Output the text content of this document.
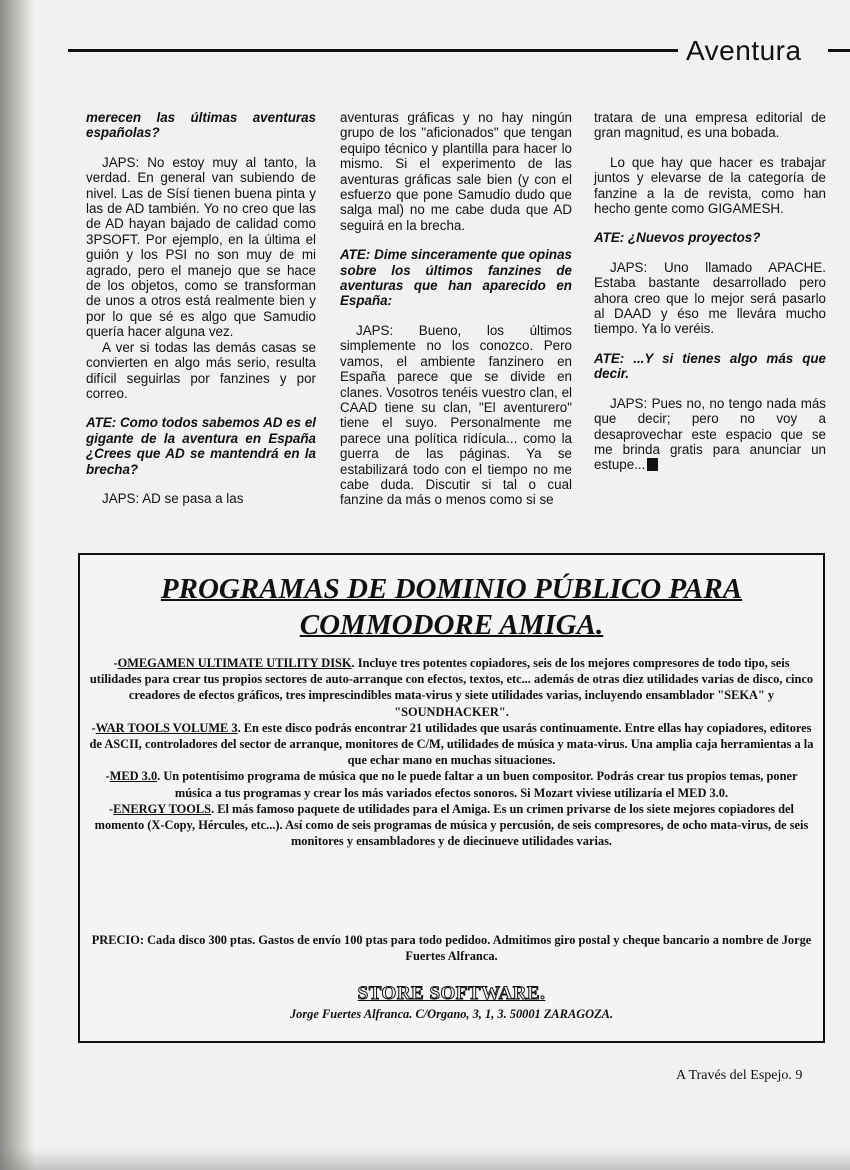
Aventura

merecen las últimas aventuras españolas?

JAPS: No estoy muy al tanto, la verdad. En general van subiendo de nivel. Las de Sísí tienen buena pinta y las de AD también. Yo no creo que las de AD hayan bajado de calidad como 3PSOFT. Por ejemplo, en la última el guión y los PSI no son muy de mi agrado, pero el manejo que se hace de los objetos, como se transforman de unos a otros está realmente bien y por lo que sé es algo que Samudio quería hacer alguna vez.

A ver si todas las demás casas se convierten en algo más serio, resulta difícil seguirlas por fanzines y por correo.

ATE: Como todos sabemos AD es el gigante de la aventura en España ¿Crees que AD se mantendrá en la brecha?

JAPS: AD se pasa a las

aventuras gráficas y no hay ningún grupo de los "aficionados" que tengan equipo técnico y plantilla para hacer lo mismo. Si el experimento de las aventuras gráficas sale bien (y con el esfuerzo que pone Samudio dudo que salga mal) no me cabe duda que AD seguirá en la brecha.

ATE: Dime sinceramente que opinas sobre los últimos fanzines de aventuras que han aparecido en España:

JAPS: Bueno, los últimos simplemente no los conozco. Pero vamos, el ambiente fanzinero en España parece que se divide en clanes. Vosotros tenéis vuestro clan, el CAAD tiene su clan, "El aventurero" tiene el suyo. Personalmente me parece una política ridícula... como la guerra de las páginas. Ya se estabilizará todo con el tiempo no me cabe duda. Discutir si tal o cual fanzine da más o menos como si se

tratara de una empresa editorial de gran magnitud, es una bobada.

Lo que hay que hacer es trabajar juntos y elevarse de la categoría de fanzine a la de revista, como han hecho gente como GIGAMESH.

ATE: ¿Nuevos proyectos?

JAPS: Uno llamado APACHE. Estaba bastante desarrollado pero ahora creo que lo mejor será pasarlo al DAAD y éso me llevára mucho tiempo. Ya lo veréis.

ATE: ...Y si tienes algo más que decir.

JAPS: Pues no, no tengo nada más que decir; pero no voy a desaprovechar este espacio que se me brinda gratis para anunciar un estupe...

PROGRAMAS DE DOMINIO PÚBLICO PARA
COMMODORE AMIGA.

-OMEGAMEN ULTIMATE UTILITY DISK. Incluye tres potentes copiadores, seis de los mejores compresores de todo tipo, seis utilidades para crear tus propios sectores de auto-arranque con efectos, textos, etc... además de otras diez utilidades varias de disco, cinco creadores de efectos gráficos, tres imprescindibles mata-virus y siete utilidades varias, incluyendo ensamblador "SEKA" y "SOUNDHACKER".

-WAR TOOLS VOLUME 3. En este disco podrás encontrar 21 utilidades que usarás continuamente. Entre ellas hay copiadores, editores de ASCII, controladores del sector de arranque, monitores de C/M, utilidades de música y mata-virus. Una amplia caja herramientas a la que echar mano en muchas situaciones.

-MED 3.0. Un potentísimo programa de música que no le puede faltar a un buen compositor. Podrás crear tus propios temas, poner música a tus programas y crear los más variados efectos sonoros. Si Mozart viviese utilizaría el MED 3.0.

-ENERGY TOOLS. El más famoso paquete de utilidades para el Amiga. Es un crimen privarse de los siete mejores copiadores del momento (X-Copy, Hércules, etc...). Así como de seis programas de música y percusión, de seis compresores, de ocho mata-virus, de seis monitores y ensambladores y de diecinueve utilidades varias.

PRECIO: Cada disco 300 ptas. Gastos de envío 100 ptas para todo pedidoo. Admitimos giro postal y cheque bancario a nombre de Jorge Fuertes Alfranca.
STORE SOFTWARE.
Jorge Fuertes Alfranca. C/Organo, 3, 1, 3. 50001 ZARAGOZA.
A Través del Espejo. 9
